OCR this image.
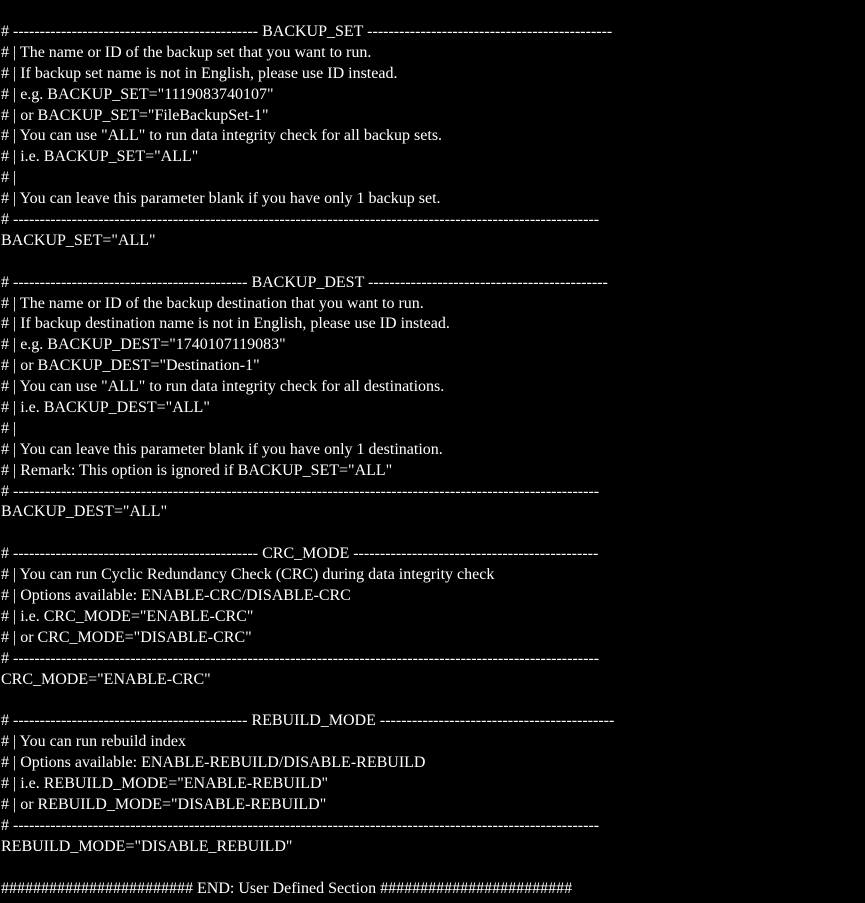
# ---------------------------------------------- BACKUP_SET ----------------------------------------------
# | The name or ID of the backup set that you want to run.
# | If backup set name is not in English, please use ID instead.
# | e.g. BACKUP_SET="1119083740107"
# | or BACKUP_SET="FileBackupSet-1"
# | You can use "ALL" to run data integrity check for all backup sets.
# | i.e. BACKUP_SET="ALL"
# |
# | You can leave this parameter blank if you have only 1 backup set.
# --------------------------------------------------------------------------------------------------------------
BACKUP_SET="ALL"
# -------------------------------------------- BACKUP_DEST ---------------------------------------------
# | The name or ID of the backup destination that you want to run.
# | If backup destination name is not in English, please use ID instead.
# | e.g. BACKUP_DEST="1740107119083"
# | or BACKUP_DEST="Destination-1"
# | You can use "ALL" to run data integrity check for all destinations.
# | i.e. BACKUP_DEST="ALL"
# |
# | You can leave this parameter blank if you have only 1 destination.
# | Remark: This option is ignored if BACKUP_SET="ALL"
# --------------------------------------------------------------------------------------------------------------
BACKUP_DEST="ALL"
# ---------------------------------------------- CRC_MODE ----------------------------------------------
# | You can run Cyclic Redundancy Check (CRC) during data integrity check
# | Options available: ENABLE-CRC/DISABLE-CRC
# | i.e. CRC_MODE="ENABLE-CRC"
# | or CRC_MODE="DISABLE-CRC"
# --------------------------------------------------------------------------------------------------------------
CRC_MODE="ENABLE-CRC"
# -------------------------------------------- REBUILD_MODE --------------------------------------------
# | You can run rebuild index
# | Options available: ENABLE-REBUILD/DISABLE-REBUILD
# | i.e. REBUILD_MODE="ENABLE-REBUILD"
# | or REBUILD_MODE="DISABLE-REBUILD"
# --------------------------------------------------------------------------------------------------------------
REBUILD_MODE="DISABLE_REBUILD"
######################## END: User Defined Section ########################
